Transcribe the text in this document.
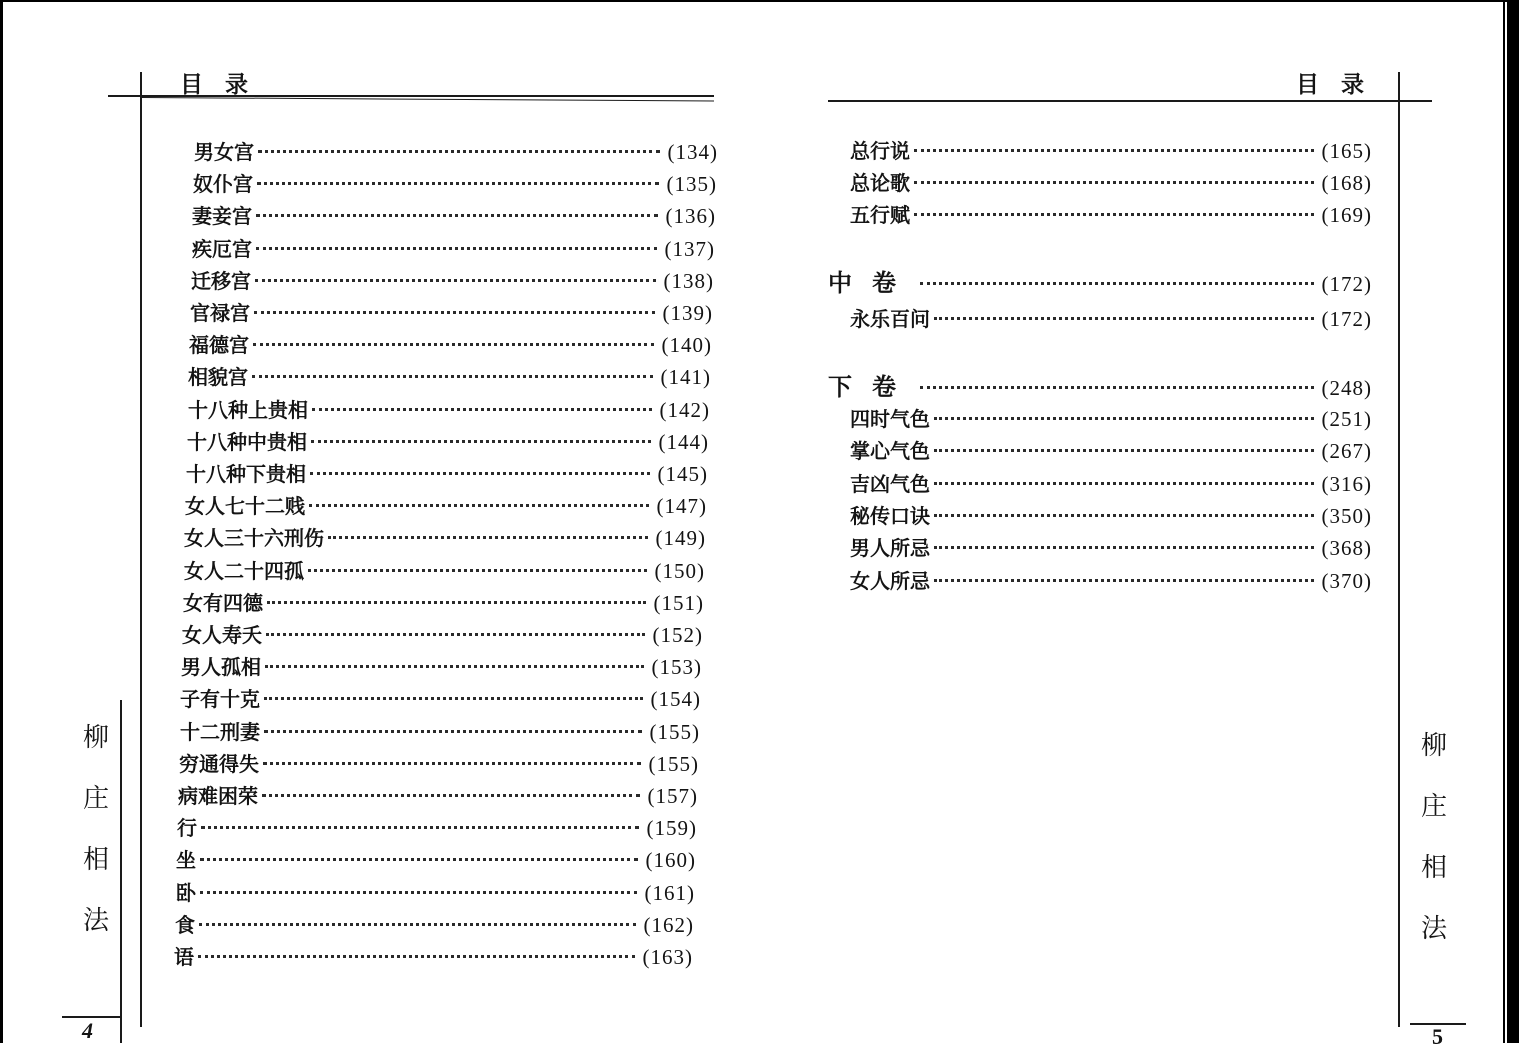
目录
男女宫	(134)
奴仆宫	(135)
妻妾宫	(136)
疾厄宫	(137)
迁移宫	(138)
官禄宫	(139)
福德宫	(140)
相貌宫	(141)
十八种上贵相	(142)
十八种中贵相	(144)
十八种下贵相	(145)
女人七十二贱	(147)
女人三十六刑伤	(149)
女人二十四孤	(150)
女有四德	(151)
女人寿夭	(152)
男人孤相	(153)
子有十克	(154)
十二刑妻	(155)
穷通得失	(155)
病难困荣	(157)
行	(159)
坐	(160)
卧	(161)
食	(162)
语	(163)
柳
庄
相
法
4
目录
总行说	(165)
总论歌	(168)
五行赋	(169)
中卷	(172)
永乐百问	(172)
下卷	(248)
四时气色	(251)
掌心气色	(267)
吉凶气色	(316)
秘传口诀	(350)
男人所忌	(368)
女人所忌	(370)
柳
庄
相
法
5
